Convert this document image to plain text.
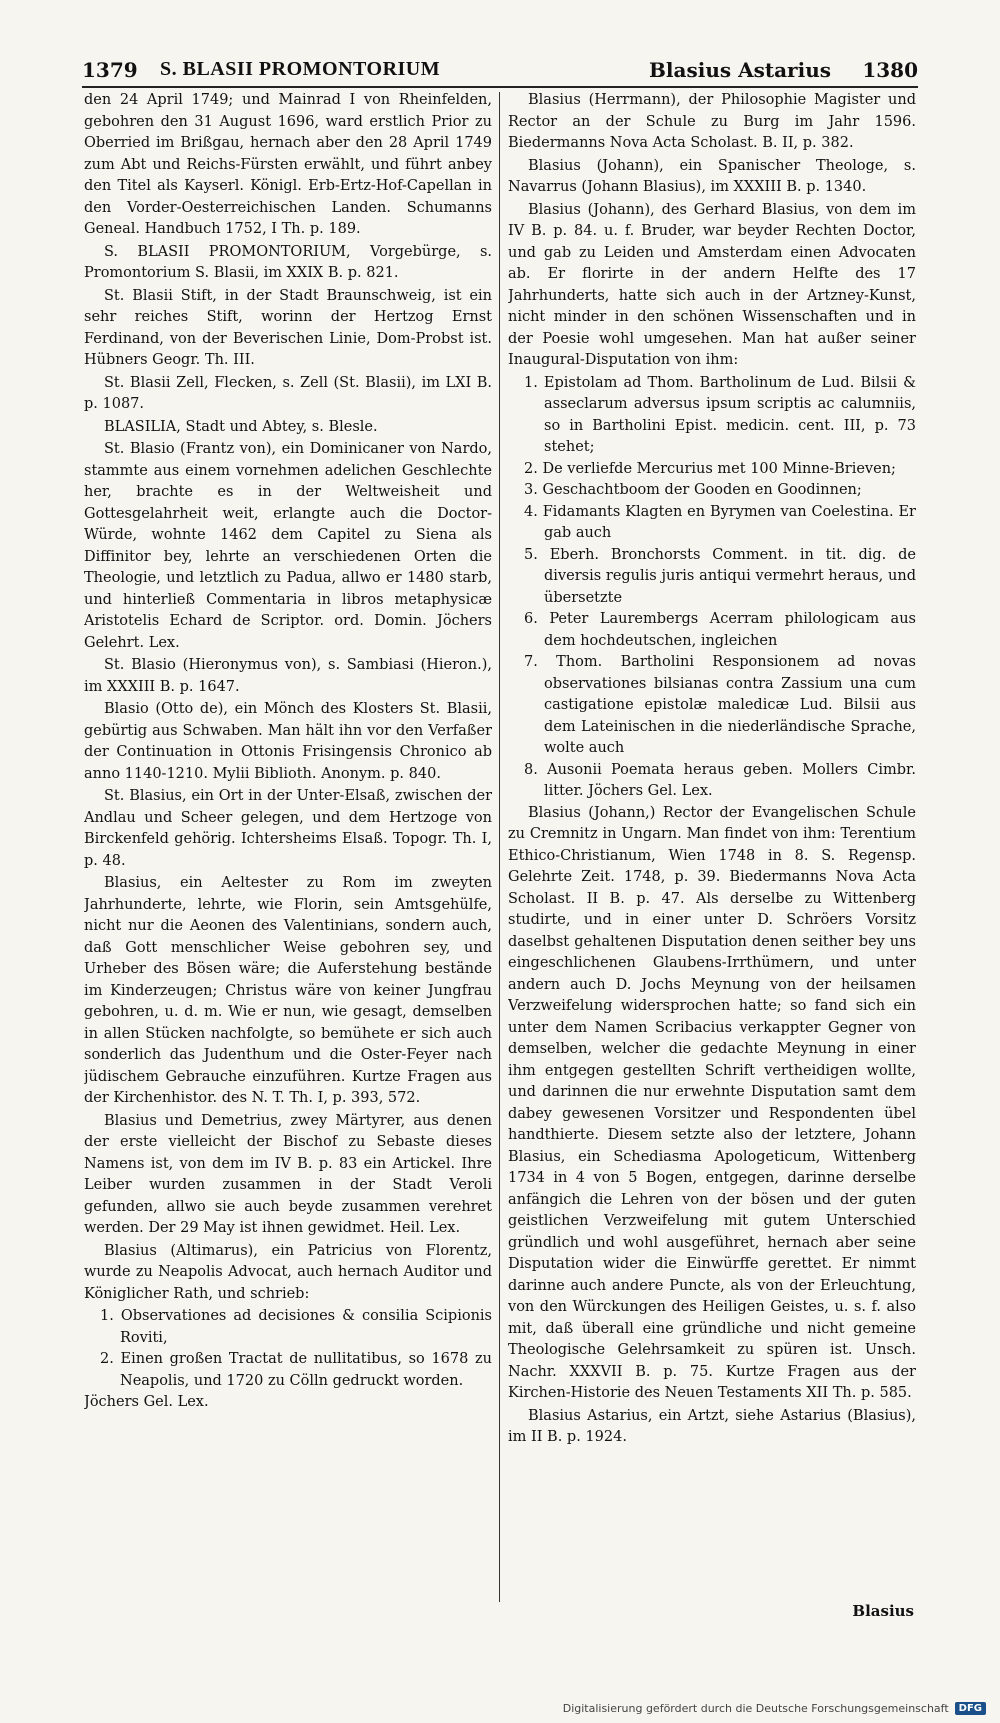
1379 S. BLASII PROMONTORIUM	Blasius Astarius 1380

den 24 April 1749; und Mainrad I von Rheinfelden, gebohren den 31 August 1696, ward erstlich Prior zu Oberried im Brißgau, hernach aber den 28 April 1749 zum Abt und Reichs-Fürsten erwählt, und führt anbey den Titel als Kayserl. Königl. Erb-Ertz-Hof-Capellan in den Vorder-Oesterreichischen Landen. Schumanns Geneal. Handbuch 1752, I Th. p. 189.

S. BLASII PROMONTORIUM, Vorgebürge, s. Promontorium S. Blasii, im XXIX B. p. 821.

St. Blasii Stift, in der Stadt Braunschweig, ist ein sehr reiches Stift, worinn der Hertzog Ernst Ferdinand, von der Beverischen Linie, Dom-Probst ist. Hübners Geogr. Th. III.

St. Blasii Zell, Flecken, s. Zell (St. Blasii), im LXI B. p. 1087.

BLASILIA, Stadt und Abtey, s. Blesle.

St. Blasio (Frantz von), ein Dominicaner von Nardo, stammte aus einem vornehmen adelichen Geschlechte her, brachte es in der Weltweisheit und Gottesgelahrheit weit, erlangte auch die Doctor-Würde, wohnte 1462 dem Capitel zu Siena als Diffinitor bey, lehrte an verschiedenen Orten die Theologie, und letztlich zu Padua, allwo er 1480 starb, und hinterließ Commentaria in libros metaphysicæ Aristotelis Echard de Scriptor. ord. Domin. Jöchers Gelehrt. Lex.

St. Blasio (Hieronymus von), s. Sambiasi (Hieron.), im XXXIII B. p. 1647.

Blasio (Otto de), ein Mönch des Klosters St. Blasii, gebürtig aus Schwaben. Man hält ihn vor den Verfaßer der Continuation in Ottonis Frisingensis Chronico ab anno 1140-1210. Mylii Biblioth. Anonym. p. 840.

St. Blasius, ein Ort in der Unter-Elsaß, zwischen der Andlau und Scheer gelegen, und dem Hertzoge von Birckenfeld gehörig. Ichtersheims Elsaß. Topogr. Th. I, p. 48.

Blasius, ein Aeltester zu Rom im zweyten Jahrhunderte, lehrte, wie Florin, sein Amtsgehülfe, nicht nur die Aeonen des Valentinians, sondern auch, daß Gott menschlicher Weise gebohren sey, und Urheber des Bösen wäre; die Auferstehung bestände im Kinderzeugen; Christus wäre von keiner Jungfrau gebohren, u. d. m. Wie er nun, wie gesagt, demselben in allen Stücken nachfolgte, so bemühete er sich auch sonderlich das Judenthum und die Oster-Feyer nach jüdischem Gebrauche einzuführen. Kurtze Fragen aus der Kirchenhistor. des N. T. Th. I, p. 393, 572.

Blasius und Demetrius, zwey Märtyrer, aus denen der erste vielleicht der Bischof zu Sebaste dieses Namens ist, von dem im IV B. p. 83 ein Artickel. Ihre Leiber wurden zusammen in der Stadt Veroli gefunden, allwo sie auch beyde zusammen verehret werden. Der 29 May ist ihnen gewidmet. Heil. Lex.

Blasius (Altimarus), ein Patricius von Florentz, wurde zu Neapolis Advocat, auch hernach Auditor und Königlicher Rath, und schrieb:

1. Observationes ad decisiones & consilia Scipionis Roviti,
2. Einen großen Tractat de nullitatibus, so 1678 zu Neapolis, und 1720 zu Cölln gedruckt worden.

Jöchers Gel. Lex.

Blasius (Herrmann), der Philosophie Magister und Rector an der Schule zu Burg im Jahr 1596. Biedermanns Nova Acta Scholast. B. II, p. 382.

Blasius (Johann), ein Spanischer Theologe, s. Navarrus (Johann Blasius), im XXXIII B. p. 1340.

Blasius (Johann), des Gerhard Blasius, von dem im IV B. p. 84. u. f. Bruder, war beyder Rechten Doctor, und gab zu Leiden und Amsterdam einen Advocaten ab. Er florirte in der andern Helfte des 17 Jahrhunderts, hatte sich auch in der Artzney-Kunst, nicht minder in den schönen Wissenschaften und in der Poesie wohl umgesehen. Man hat außer seiner Inaugural-Disputation von ihm:

1. Epistolam ad Thom. Bartholinum de Lud. Bilsii & asseclarum adversus ipsum scriptis ac calumniis, so in Bartholini Epist. medicin. cent. III, p. 73 stehet;
2. De verliefde Mercurius met 100 Minne-Brieven;
3. Geschachtboom der Gooden en Goodinnen;
4. Fidamants Klagten en Byrymen van Coelestina. Er gab auch
5. Eberh. Bronchorsts Comment. in tit. dig. de diversis regulis juris antiqui vermehrt heraus, und übersetzte
6. Peter Laurembergs Acerram philologicam aus dem hochdeutschen, ingleichen
7. Thom. Bartholini Responsionem ad novas observationes bilsianas contra Zassium una cum castigatione epistolæ maledicæ Lud. Bilsii aus dem Lateinischen in die niederländische Sprache, wolte auch
8. Ausonii Poemata heraus geben. Mollers Cimbr. litter. Jöchers Gel. Lex.

Blasius (Johann,) Rector der Evangelischen Schule zu Cremnitz in Ungarn. Man findet von ihm: Terentium Ethico-Christianum, Wien 1748 in 8. S. Regensp. Gelehrte Zeit. 1748, p. 39. Biedermanns Nova Acta Scholast. II B. p. 47. Als derselbe zu Wittenberg studirte, und in einer unter D. Schröers Vorsitz daselbst gehaltenen Disputation denen seither bey uns eingeschlichenen Glaubens-Irrthümern, und unter andern auch D. Jochs Meynung von der heilsamen Verzweifelung widersprochen hatte; so fand sich ein unter dem Namen Scribacius verkappter Gegner von demselben, welcher die gedachte Meynung in einer ihm entgegen gestellten Schrift vertheidigen wollte, und darinnen die nur erwehnte Disputation samt dem dabey gewesenen Vorsitzer und Respondenten übel handthierte. Diesem setzte also der letztere, Johann Blasius, ein Schediasma Apologeticum, Wittenberg 1734 in 4 von 5 Bogen, entgegen, darinne derselbe anfängich die Lehren von der bösen und der guten geistlichen Verzweifelung mit gutem Unterschied gründlich und wohl ausgeführet, hernach aber seine Disputation wider die Einwürffe gerettet. Er nimmt darinne auch andere Puncte, als von der Erleuchtung, von den Würckungen des Heiligen Geistes, u. s. f. also mit, daß überall eine gründliche und nicht gemeine Theologische Gelehrsamkeit zu spüren ist. Unsch. Nachr. XXXVII B. p. 75. Kurtze Fragen aus der Kirchen-Historie des Neuen Testaments XII Th. p. 585.

Blasius Astarius, ein Artzt, siehe Astarius (Blasius), im II B. p. 1924.

Blasius
Digitalisierung gefördert durch die Deutsche Forschungsgemeinschaft	DFG
